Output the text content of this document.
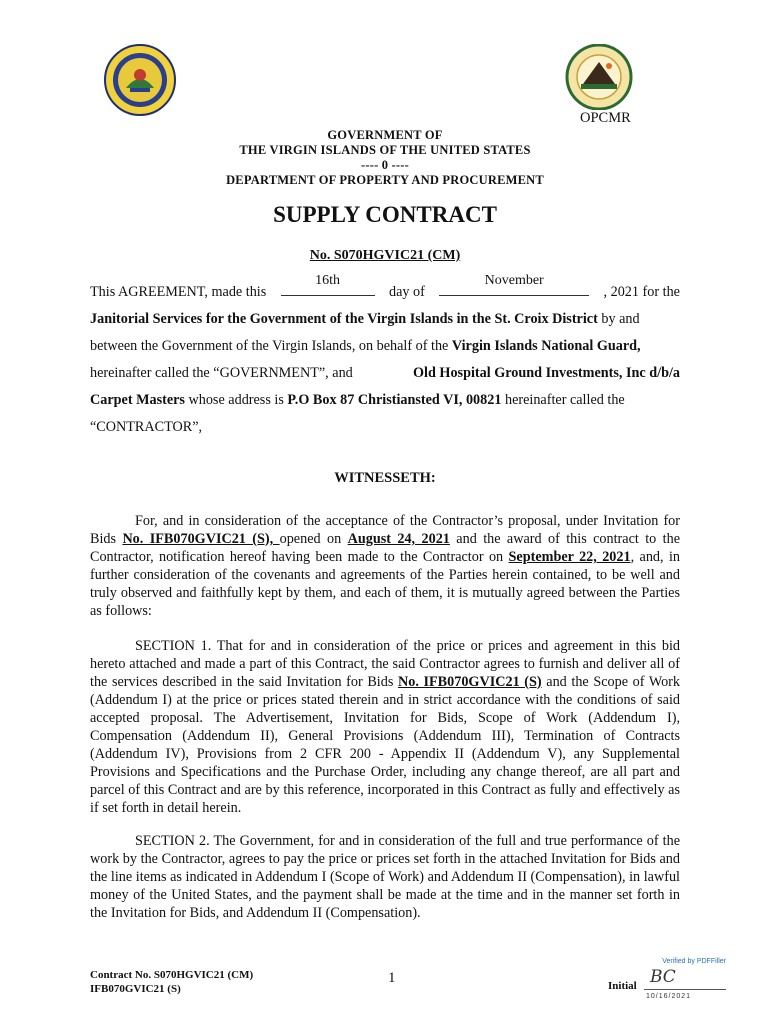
OPCMR
GOVERNMENT OF
THE VIRGIN ISLANDS OF THE UNITED STATES
---- 0 ----
DEPARTMENT OF PROPERTY AND PROCUREMENT
SUPPLY CONTRACT
No. S070HGVIC21 (CM)
This AGREEMENT, made this
16th
day of
November
, 2021 for the
Janitorial Services for the Government of the Virgin Islands in the St. Croix District by and
between the Government of the Virgin Islands, on behalf of the Virgin Islands National Guard,
hereinafter called the “GOVERNMENT”, and	Old Hospital Ground Investments, Inc d/b/a
Carpet Masters whose address is P.O Box 87 Christiansted VI, 00821 hereinafter called the
“CONTRACTOR”,
WITNESSETH:
For, and in consideration of the acceptance of the Contractor’s proposal, under Invitation for Bids No. IFB070GVIC21 (S), opened on August 24, 2021 and the award of this contract to the Contractor, notification hereof having been made to the Contractor on September 22, 2021, and, in further consideration of the covenants and agreements of the Parties herein contained, to be well and truly observed and faithfully kept by them, and each of them, it is mutually agreed between the Parties as follows:
SECTION 1. That for and in consideration of the price or prices and agreement in this bid hereto attached and made a part of this Contract, the said Contractor agrees to furnish and deliver all of the services described in the said Invitation for Bids No. IFB070GVIC21 (S) and the Scope of Work (Addendum I) at the price or prices stated therein and in strict accordance with the conditions of said accepted proposal. The Advertisement, Invitation for Bids, Scope of Work (Addendum I), Compensation (Addendum II), General Provisions (Addendum III), Termination of Contracts (Addendum IV), Provisions from 2 CFR 200 - Appendix II (Addendum V), any Supplemental Provisions and Specifications and the Purchase Order, including any change thereof, are all part and parcel of this Contract and are by this reference, incorporated in this Contract as fully and effectively as if set forth in detail herein.
SECTION 2. The Government, for and in consideration of the full and true performance of the work by the Contractor, agrees to pay the price or prices set forth in the attached Invitation for Bids and the line items as indicated in Addendum I (Scope of Work) and Addendum II (Compensation), in lawful money of the United States, and the payment shall be made at the time and in the manner set forth in the Invitation for Bids, and Addendum II (Compensation).
Contract No. S070HGVIC21 (CM)
IFB070GVIC21 (S)
1	Initial
Verified by PDFFiller
BC
10/16/2021
